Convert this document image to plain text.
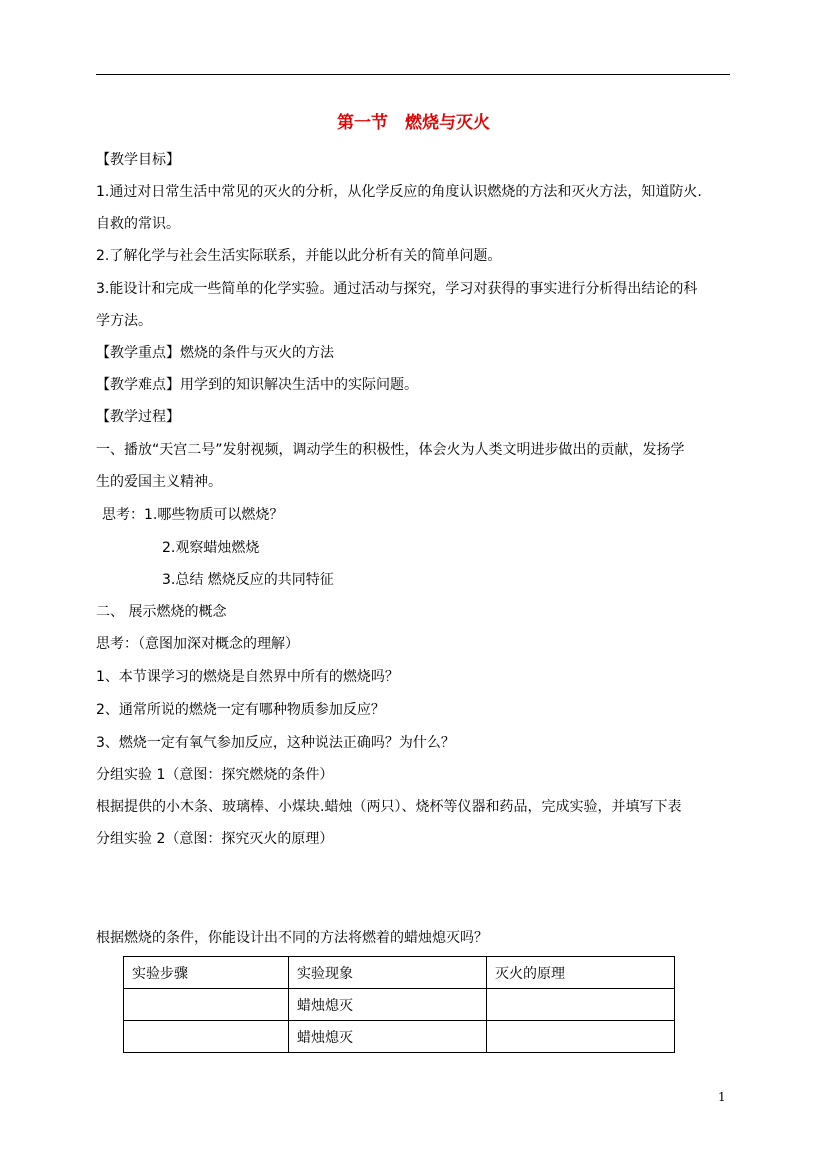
第一节　燃烧与灭火
【教学目标】
1.通过对日常生活中常见的灭火的分析，从化学反应的角度认识燃烧的方法和灭火方法，知道防火.
自救的常识。
2.了解化学与社会生活实际联系，并能以此分析有关的简单问题。
3.能设计和完成一些简单的化学实验。通过活动与探究，学习对获得的事实进行分析得出结论的科
学方法。
【教学重点】燃烧的条件与灭火的方法
【教学难点】用学到的知识解决生活中的实际问题。
【教学过程】
一、播放“天宫二号”发射视频，调动学生的积极性，体会火为人类文明进步做出的贡献，发扬学
生的爱国主义精神。
思考：1.哪些物质可以燃烧？
2.观察蜡烛燃烧
3.总结 燃烧反应的共同特征
二、 展示燃烧的概念
思考：（意图加深对概念的理解）
1、本节课学习的燃烧是自然界中所有的燃烧吗？
2、通常所说的燃烧一定有哪种物质参加反应？
3、燃烧一定有氧气参加反应，这种说法正确吗？为什么？
分组实验 1（意图：探究燃烧的条件）
根据提供的小木条、玻璃棒、小煤块.蜡烛（两只）、烧杯等仪器和药品，完成实验，并填写下表
分组实验 2（意图：探究灭火的原理）
根据燃烧的条件，你能设计出不同的方法将燃着的蜡烛熄灭吗？
实验步骤	实验现象	灭火的原理
	蜡烛熄灭	
	蜡烛熄灭	
1
